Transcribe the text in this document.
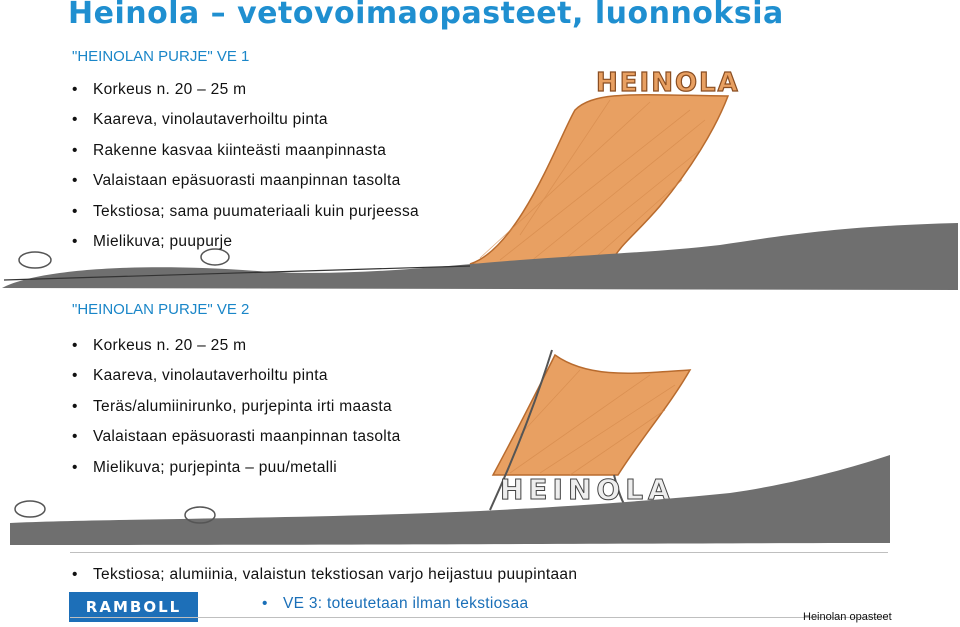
Heinola – vetovoimaopasteet, luonnoksia
HEINOLA
HEINOLA
"HEINOLAN PURJE" VE 1
• Korkeus n. 20 – 25 m
• Kaareva, vinolautaverhoiltu pinta
• Rakenne kasvaa kiinteästi maanpinnasta
• Valaistaan epäsuorasti maanpinnan tasolta
• Tekstiosa; sama puumateriaali kuin purjeessa
• Mielikuva; puupurje
"HEINOLAN PURJE" VE 2
• Korkeus n. 20 – 25 m
• Kaareva, vinolautaverhoiltu pinta
• Teräs/alumiinirunko, purjepinta irti maasta
• Valaistaan epäsuorasti maanpinnan tasolta
• Mielikuva; purjepinta – puu/metalli
• Tekstiosa; alumiinia, valaistun tekstiosan varjo heijastuu puupintaan
RAMBOLL
•	VE 3: toteutetaan ilman tekstiosaa
Heinolan opasteet
